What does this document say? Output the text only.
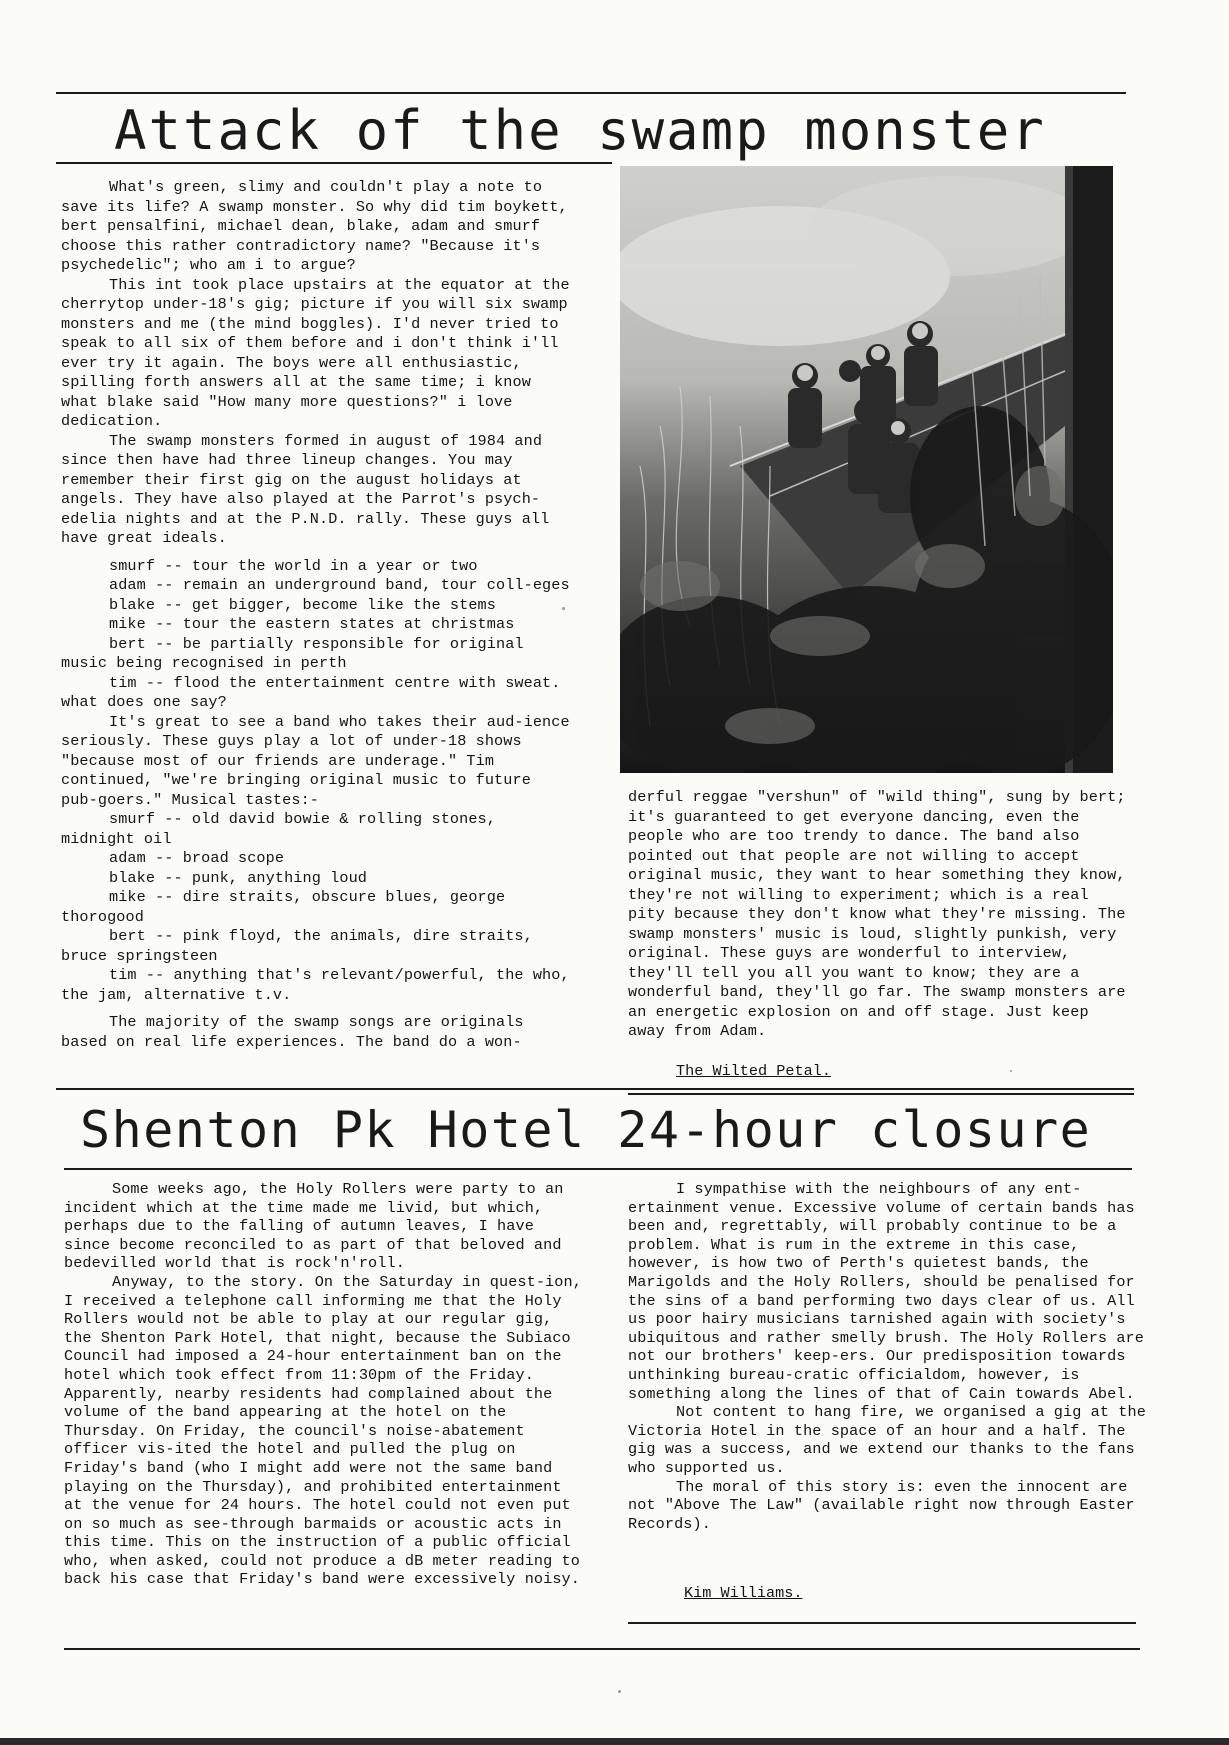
Attack of the swamp monster

What's green, slimy and couldn't play a note to save its life? A swamp monster. So why did tim boykett, bert pensalfini, michael dean, blake, adam and smurf choose this rather contradictory name? "Because it's psychedelic"; who am i to argue?

This int took place upstairs at the equator at the cherrytop under-18's gig; picture if you will six swamp monsters and me (the mind boggles). I'd never tried to speak to all six of them before and i don't think i'll ever try it again. The boys were all enthusiastic, spilling forth answers all at the same time; i know what blake said "How many more questions?" i love dedication.

The swamp monsters formed in august of 1984 and since then have had three lineup changes. You may remember their first gig on the august holidays at angels. They have also played at the Parrot's psych-edelia nights and at the P.N.D. rally. These guys all have great ideals.

smurf -- tour the world in a year or two

adam -- remain an underground band, tour coll-eges

blake -- get bigger, become like the stems

mike -- tour the eastern states at christmas

bert -- be partially responsible for original music being recognised in perth

tim -- flood the entertainment centre with sweat.

what does one say?

It's great to see a band who takes their aud-ience seriously. These guys play a lot of under-18 shows "because most of our friends are underage." Tim continued, "we're bringing original music to future pub-goers." Musical tastes:-

smurf -- old david bowie & rolling stones, midnight oil

adam -- broad scope

blake -- punk, anything loud

mike -- dire straits, obscure blues, george thorogood

bert -- pink floyd, the animals, dire straits, bruce springsteen

tim -- anything that's relevant/powerful, the who, the jam, alternative t.v.

The majority of the swamp songs are originals based on real life experiences. The band do a won-

derful reggae "vershun" of "wild thing", sung by bert; it's guaranteed to get everyone dancing, even the people who are too trendy to dance. The band also pointed out that people are not willing to accept original music, they want to hear something they know, they're not willing to experiment; which is a real pity because they don't know what they're missing. The swamp monsters' music is loud, slightly punkish, very original. These guys are wonderful to interview, they'll tell you all you want to know; they are a wonderful band, they'll go far. The swamp monsters are an energetic explosion on and off stage. Just keep away from Adam.

The Wilted Petal.
Shenton Pk Hotel 24-hour closure

Some weeks ago, the Holy Rollers were party to an incident which at the time made me livid, but which, perhaps due to the falling of autumn leaves, I have since become reconciled to as part of that beloved and bedevilled world that is rock'n'roll.

Anyway, to the story. On the Saturday in quest-ion, I received a telephone call informing me that the Holy Rollers would not be able to play at our regular gig, the Shenton Park Hotel, that night, because the Subiaco Council had imposed a 24-hour entertainment ban on the hotel which took effect from 11:30pm of the Friday. Apparently, nearby residents had complained about the volume of the band appearing at the hotel on the Thursday. On Friday, the council's noise-abatement officer vis-ited the hotel and pulled the plug on Friday's band (who I might add were not the same band playing on the Thursday), and prohibited entertainment at the venue for 24 hours. The hotel could not even put on so much as see-through barmaids or acoustic acts in this time. This on the instruction of a public official who, when asked, could not produce a dB meter reading to back his case that Friday's band were excessively noisy.

I sympathise with the neighbours of any ent-ertainment venue. Excessive volume of certain bands has been and, regrettably, will probably continue to be a problem. What is rum in the extreme in this case, however, is how two of Perth's quietest bands, the Marigolds and the Holy Rollers, should be penalised for the sins of a band performing two days clear of us. All us poor hairy musicians tarnished again with society's ubiquitous and rather smelly brush. The Holy Rollers are not our brothers' keep-ers. Our predisposition towards unthinking bureau-cratic officialdom, however, is something along the lines of that of Cain towards Abel.

Not content to hang fire, we organised a gig at the Victoria Hotel in the space of an hour and a half. The gig was a success, and we extend our thanks to the fans who supported us.

The moral of this story is: even the innocent are not "Above The Law" (available right now through Easter Records).

Kim Williams.
